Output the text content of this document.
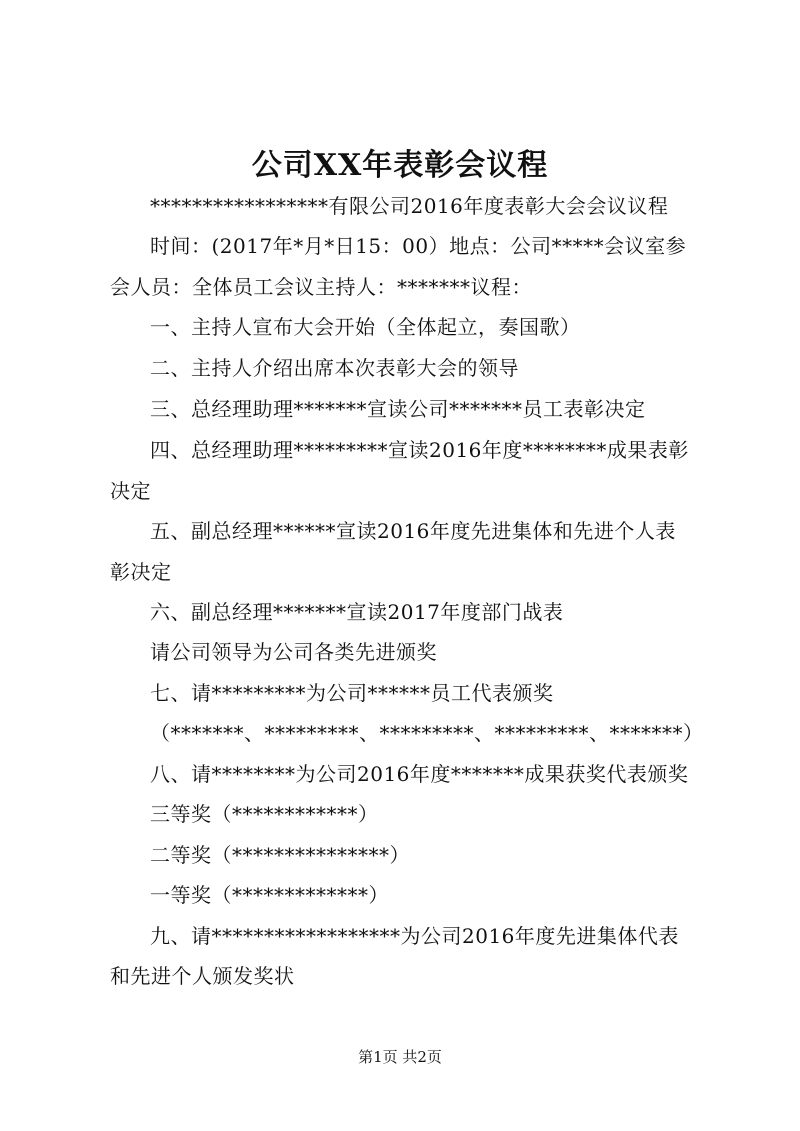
公司XX年表彰会议程
*****************有限公司2016年度表彰大会会议议程
时间：(2017年*月*日15：00）地点：公司*****会议室参
会人员：全体员工会议主持人：*******议程：
一、主持人宣布大会开始（全体起立，奏国歌）
二、主持人介绍出席本次表彰大会的领导
三、总经理助理*******宣读公司*******员工表彰决定
四、总经理助理*********宣读2016年度********成果表彰
决定
五、副总经理******宣读2016年度先进集体和先进个人表
彰决定
六、副总经理*******宣读2017年度部门战表
请公司领导为公司各类先进颁奖
七、请*********为公司******员工代表颁奖
（*******、*********、*********、*********、*******）
八、请********为公司2016年度*******成果获奖代表颁奖
三等奖（************）
二等奖（***************）
一等奖（*************）
九、请******************为公司2016年度先进集体代表
和先进个人颁发奖状
第1页 共2页
